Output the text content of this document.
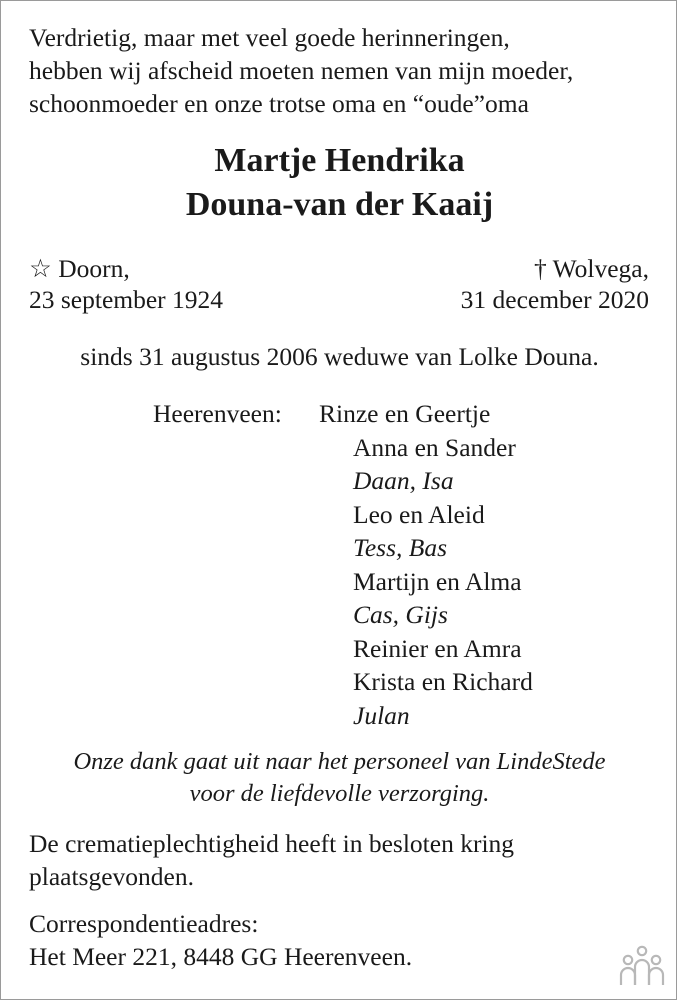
Verdrietig, maar met veel goede herinneringen,
hebben wij afscheid moeten nemen van mijn moeder,
schoonmoeder en onze trotse oma en “oude”oma
Martje Hendrika
Douna-van der Kaaij
☆ Doorn,
23 september 1924
† Wolvega,
31 december 2020
sinds 31 augustus 2006 weduwe van Lolke Douna.
Heerenveen: Rinze en Geertje
Anna en Sander
Daan, Isa
Leo en Aleid
Tess, Bas
Martijn en Alma
Cas, Gijs
Reinier en Amra
Krista en Richard
Julan
Onze dank gaat uit naar het personeel van LindeStede
voor de liefdevolle verzorging.
De crematieplechtigheid heeft in besloten kring
plaatsgevonden.
Correspondentieadres:
Het Meer 221, 8448 GG Heerenveen.
